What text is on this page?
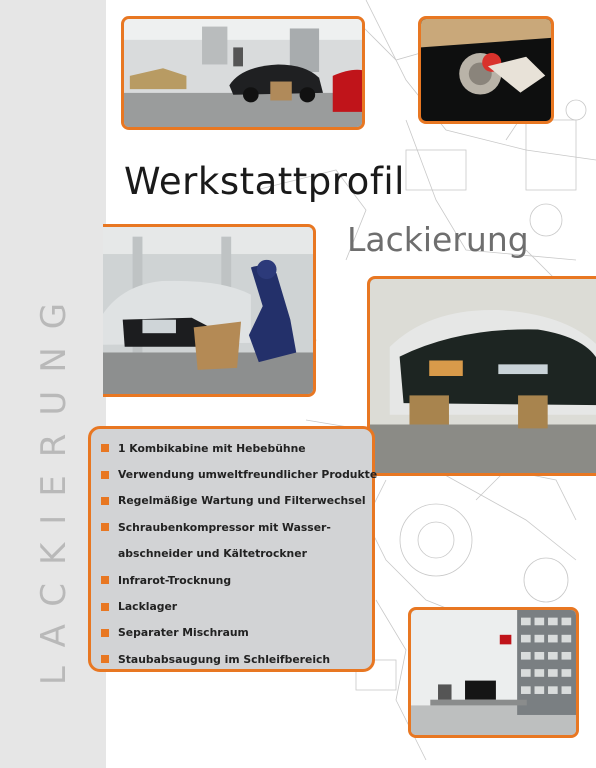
LACKIERUNG
Werkstattprofil
Lackierung
1 Kombikabine mit Hebebühne
Verwendung umweltfreundlicher Produkte
Regelmäßige Wartung und Filterwechsel
Schraubenkompressor mit Wasser-
abschneider und Kältetrockner
Infrarot-Trocknung
Lacklager
Separater Mischraum
Staubabsaugung im Schleifbereich
